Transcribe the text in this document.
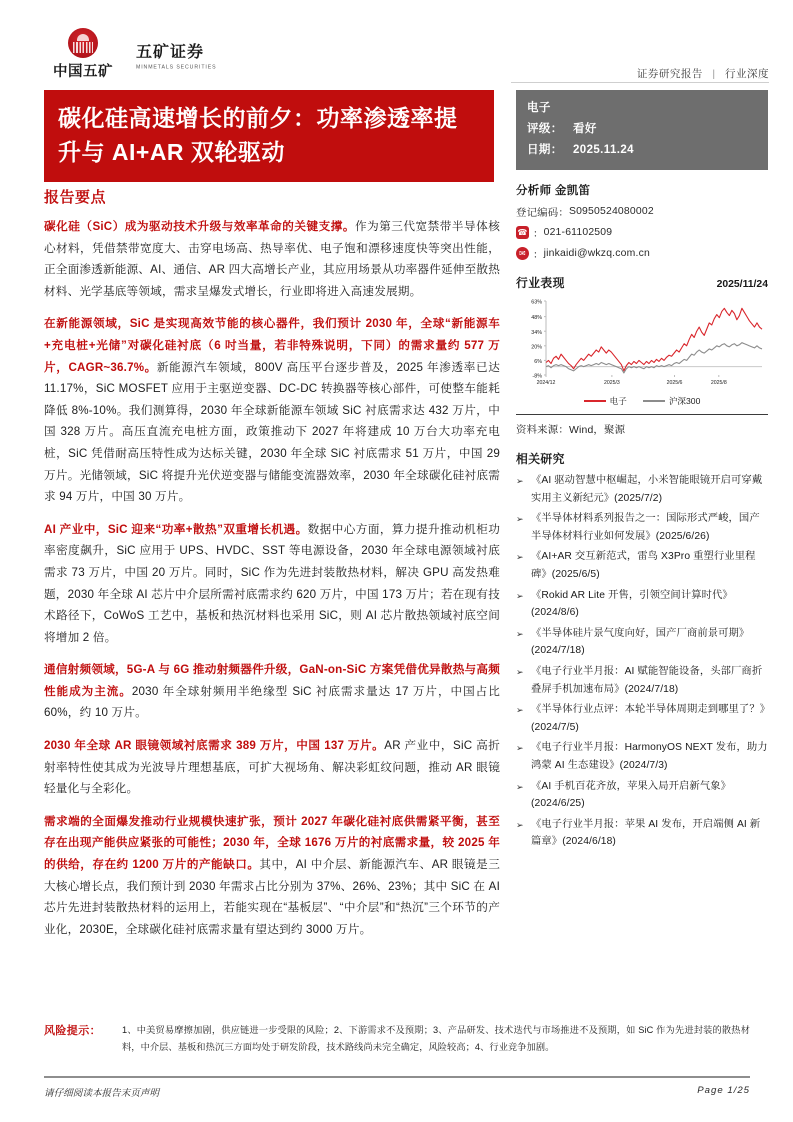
中国五矿
五矿证券
MINMETALS SECURITIES
证券研究报告 | 行业深度
碳化硅高速增长的前夕：功率渗透率提
升与 AI+AR 双轮驱动
报告要点

碳化硅（SiC）成为驱动技术升级与效率革命的关键支撑。作为第三代宽禁带半导体核心材料，凭借禁带宽度大、击穿电场高、热导率优、电子饱和漂移速度快等突出性能，正全面渗透新能源、AI、通信、AR 四大高增长产业，其应用场景从功率器件延伸至散热材料、光学基底等领域，需求呈爆发式增长，行业即将进入高速发展期。

在新能源领域，SiC 是实现高效节能的核心器件，我们预计 2030 年，全球“新能源车+充电桩+光储”对碳化硅衬底（6 吋当量，若非特殊说明，下同）的需求量约 577 万片，CAGR~36.7%。新能源汽车领域，800V 高压平台逐步普及，2025 年渗透率已达 11.17%，SiC MOSFET 应用于主驱逆变器、DC-DC 转换器等核心部件，可使整车能耗降低 8%-10%。我们测算得，2030 年全球新能源车领域 SiC 衬底需求达 432 万片，中国 328 万片。高压直流充电桩方面，政策推动下 2027 年将建成 10 万台大功率充电桩，SiC 凭借耐高压特性成为达标关键，2030 年全球 SiC 衬底需求 51 万片，中国 29 万片。光储领域，SiC 将提升光伏逆变器与储能变流器效率，2030 年全球碳化硅衬底需求 94 万片，中国 30 万片。

AI 产业中，SiC 迎来“功率+散热”双重增长机遇。数据中心方面，算力提升推动机柜功率密度飙升，SiC 应用于 UPS、HVDC、SST 等电源设备，2030 年全球电源领域衬底需求 73 万片，中国 20 万片。同时，SiC 作为先进封装散热材料，解决 GPU 高发热难题，2030 年全球 AI 芯片中介层所需衬底需求约 620 万片，中国 173 万片；若在现有技术路径下，CoWoS 工艺中，基板和热沉材料也采用 SiC，则 AI 芯片散热领域衬底空间将增加 2 倍。

通信射频领域，5G-A 与 6G 推动射频器件升级，GaN-on-SiC 方案凭借优异散热与高频性能成为主流。2030 年全球射频用半绝缘型 SiC 衬底需求量达 17 万片，中国占比60%，约 10 万片。

2030 年全球 AR 眼镜领域衬底需求 389 万片，中国 137 万片。AR 产业中，SiC 高折射率特性使其成为光波导片理想基底，可扩大视场角、解决彩虹纹问题，推动 AR 眼镜轻量化与全彩化。

需求端的全面爆发推动行业规模快速扩张，预计 2027 年碳化硅衬底供需紧平衡，甚至存在出现产能供应紧张的可能性；2030 年，全球 1676 万片的衬底需求量，较 2025 年的供给，存在约 1200 万片的产能缺口。其中，AI 中介层、新能源汽车、AR 眼镜是三大核心增长点，我们预计到 2030 年需求占比分别为 37%、26%、23%；其中 SiC 在 AI 芯片先进封装散热材料的运用上，若能实现在“基板层”、“中介层”和“热沉”三个环节的产业化，2030E，全球碳化硅衬底需求量有望达到约 3000 万片。

电子
评级： 看好
日期： 2025.11.24
分析师 金凯笛
登记编码： S0950524080002
☎ ： 021-61102509
✉ ： jinkaidi@wkzq.com.cn
行业表现	2025/11/24
63%
48%
34%
20%
6%
-8%
2024/12	2025/3	2025/6	2025/8
电子	沪深300
资料来源：Wind，聚源
相关研究
➢ 《AI 驱动智慧中枢崛起，小米智能眼镜开启可穿戴实用主义新纪元》(2025/7/2)
➢ 《半导体材料系列报告之一：国际形式严峻，国产半导体材料行业如何发展》(2025/6/26)
➢ 《AI+AR 交互新范式，雷鸟 X3Pro 重塑行业里程碑》(2025/6/5)
➢ 《Rokid AR Lite 开售，引领空间计算时代》(2024/8/6)
➢ 《半导体硅片景气度向好，国产厂商前景可期》(2024/7/18)
➢ 《电子行业半月报：AI 赋能智能设备，头部厂商折叠屏手机加速布局》(2024/7/18)
➢ 《半导体行业点评：本轮半导体周期走到哪里了？》(2024/7/5)
➢ 《电子行业半月报：HarmonyOS NEXT 发布，助力鸿蒙 AI 生态建设》(2024/7/3)
➢ 《AI 手机百花齐放，苹果入局开启新气象》(2024/6/25)
➢ 《电子行业半月报：苹果 AI 发布，开启端侧 AI 新篇章》(2024/6/18)
风险提示：	1、中美贸易摩擦加剧，供应链进一步受限的风险；2、下游需求不及预期；3、产品研发、技术迭代与市场推进不及预期，如 SiC 作为先进封装的散热材料，中介层、基板和热沉三方面均处于研发阶段，技术路线尚未完全确定，风险较高；4、行业竞争加剧。
请仔细阅读本报告末页声明	Page 1/25
